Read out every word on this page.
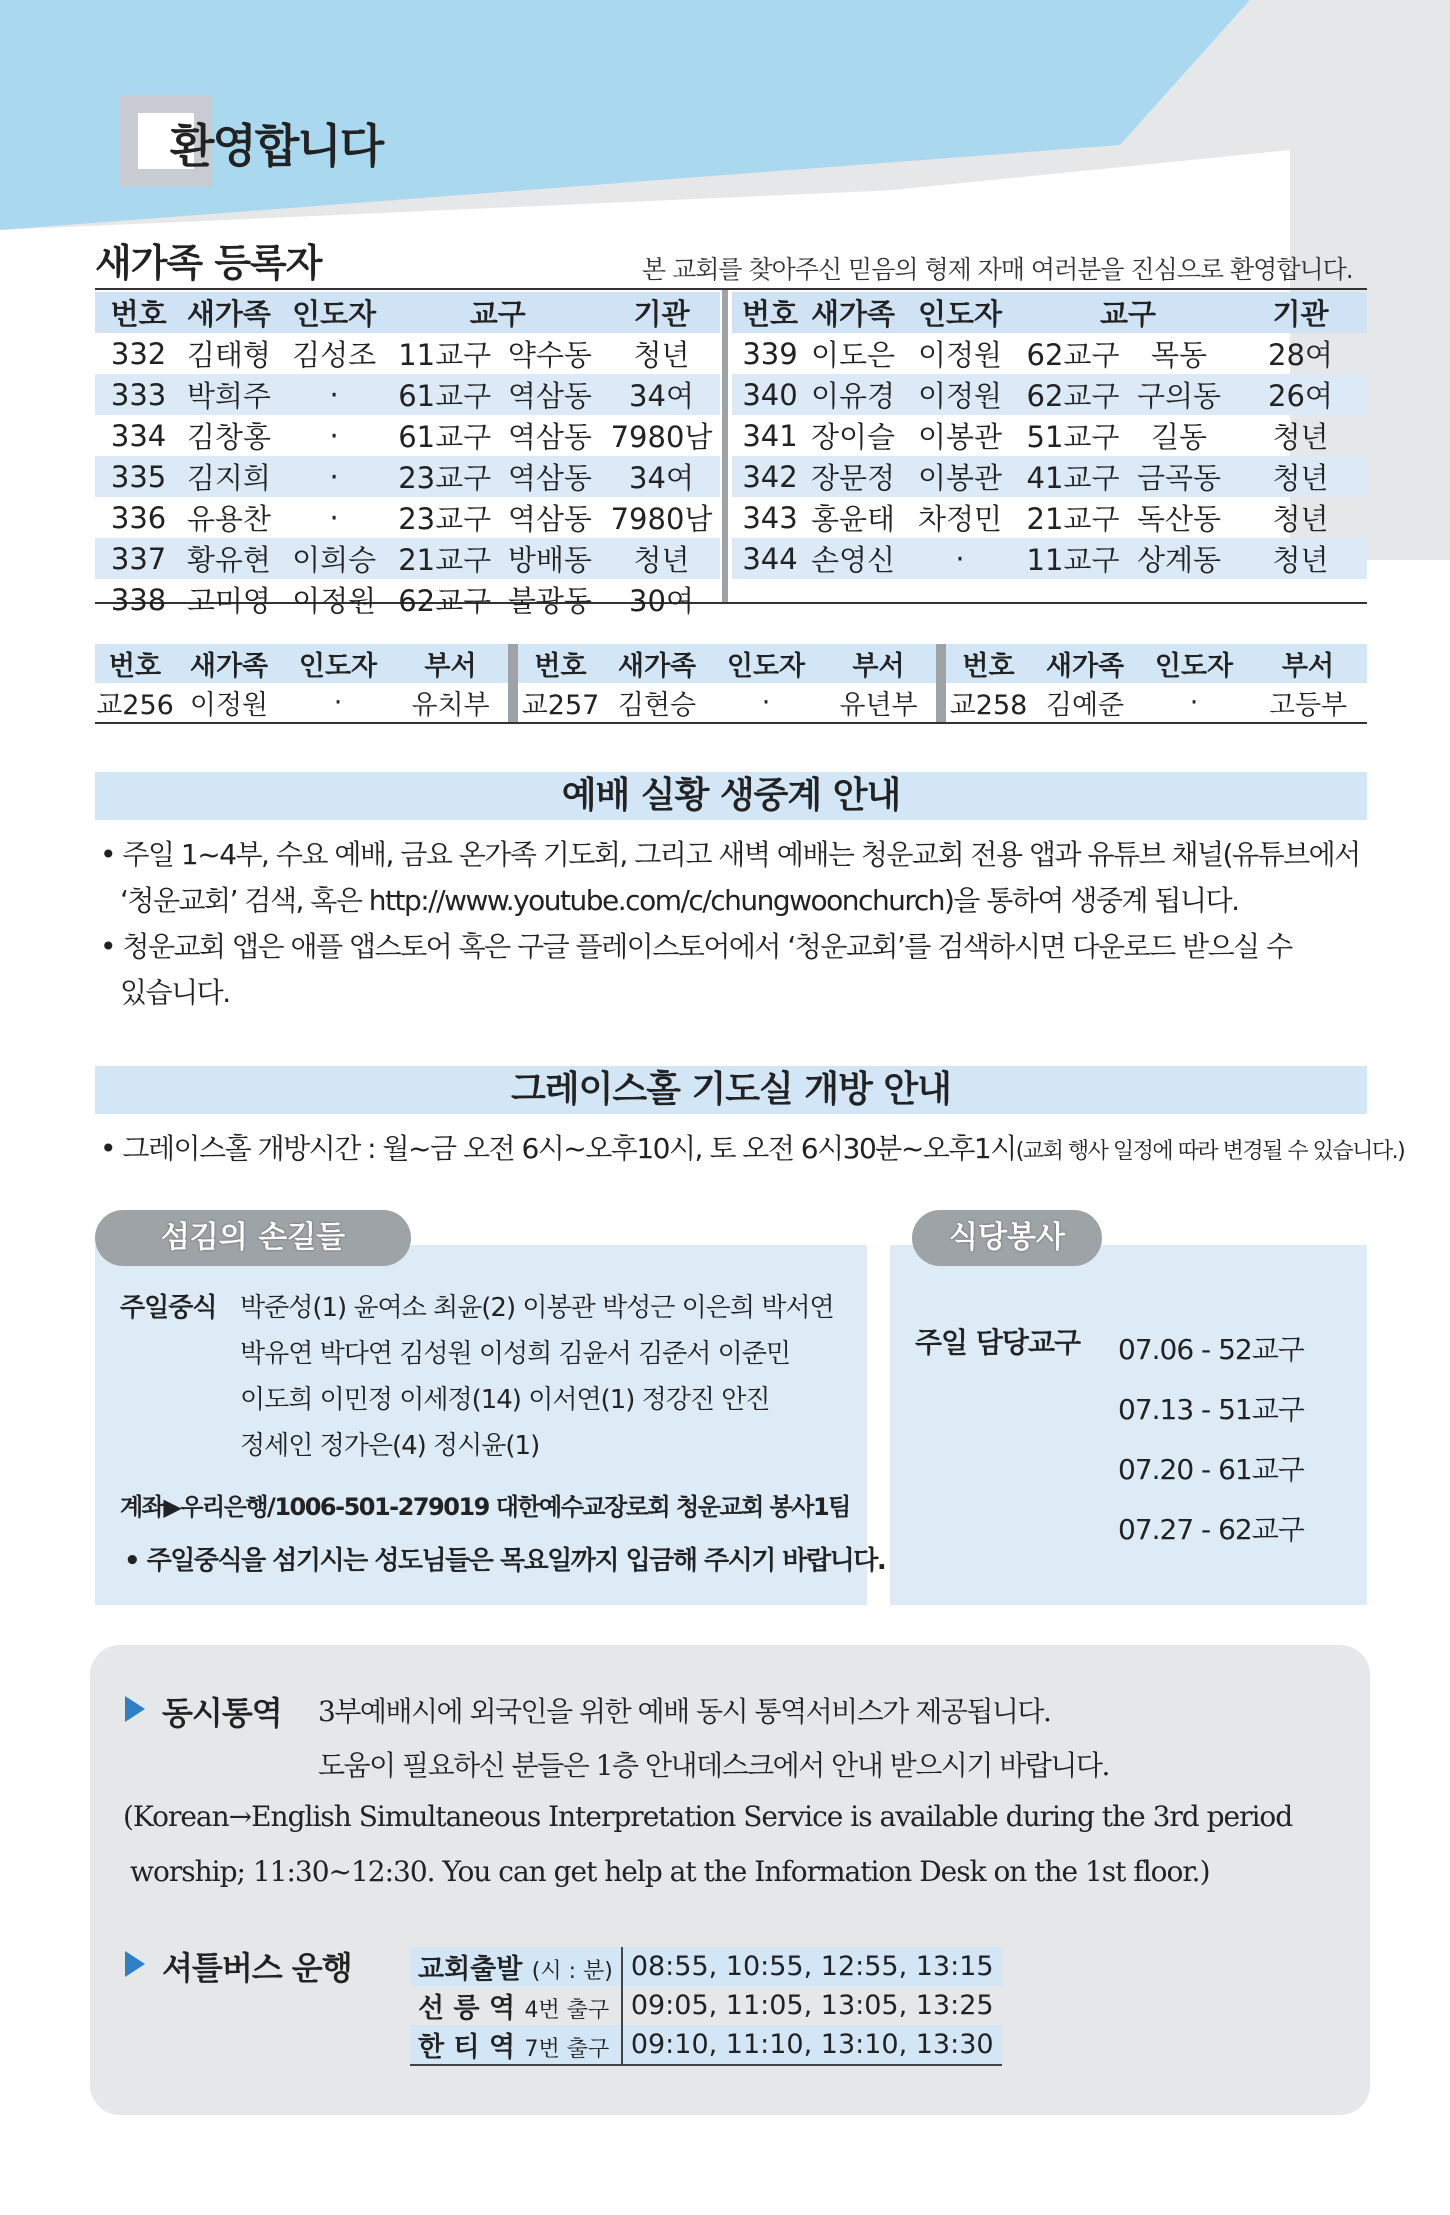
환영합니다
새가족 등록자	본 교회를 찾아주신 믿음의 형제 자매 여러분을 진심으로 환영합니다.
번호	새가족	인도자	교구		기관
332	김태형	김성조	11교구	약수동	청년
333	박희주	·	61교구	역삼동	34여
334	김창홍	·	61교구	역삼동	7980남
335	김지희	·	23교구	역삼동	34여
336	유용찬	·	23교구	역삼동	7980남
337	황유현	이희승	21교구	방배동	청년
338	고미영	이정원	62교구	불광동	30여
번호	새가족	인도자	교구		기관
339	이도은	이정원	62교구	목동	28여
340	이유경	이정원	62교구	구의동	26여
341	장이슬	이봉관	51교구	길동	청년
342	장문정	이봉관	41교구	금곡동	청년
343	홍윤태	차정민	21교구	독산동	청년
344	손영신	·	11교구	상계동	청년

번호	새가족	인도자	부서		번호	새가족	인도자	부서		번호	새가족	인도자	부서
교256	이정원	·	유치부		교257	김현승	·	유년부		교258	김예준	·	고등부
예배 실황 생중계 안내
• 주일 1~4부, 수요 예배, 금요 온가족 기도회, 그리고 새벽 예배는 청운교회 전용 앱과 유튜브 채널(유튜브에서
‘청운교회’ 검색, 혹은 http://www.youtube.com/c/chungwoonchurch)을 통하여 생중계 됩니다.
• 청운교회 앱은 애플 앱스토어 혹은 구글 플레이스토어에서 ‘청운교회’를 검색하시면 다운로드 받으실 수
있습니다.
그레이스홀 기도실 개방 안내
• 그레이스홀 개방시간 : 월~금 오전 6시~오후10시, 토 오전 6시30분~오후1시(교회 행사 일정에 따라 변경될 수 있습니다.)
섬김의 손길들
주일중식 박준성(1) 윤여소 최윤(2) 이봉관 박성근 이은희 박서연
박유연 박다연 김성원 이성희 김윤서 김준서 이준민
이도희 이민정 이세정(14) 이서연(1) 정강진 안진
정세인 정가은(4) 정시윤(1)
계좌▶우리은행/1006-501-279019 대한예수교장로회 청운교회 봉사1팀
• 주일중식을 섬기시는 성도님들은 목요일까지 입금해 주시기 바랍니다.
식당봉사
주일 담당교구 07.06 - 52교구
07.13 - 51교구
07.20 - 61교구
07.27 - 62교구
동시통역 3부예배시에 외국인을 위한 예배 동시 통역서비스가 제공됩니다.
도움이 필요하신 분들은 1층 안내데스크에서 안내 받으시기 바랍니다.
(Korean→English Simultaneous Interpretation Service is available during the 3rd period
worship; 11:30~12:30. You can get help at the Information Desk on the 1st floor.)
셔틀버스 운행 교회출발 (시 : 분)	08:55, 10:55, 12:55, 13:15
선 릉 역 4번 출구	09:05, 11:05, 13:05, 13:25
한 티 역 7번 출구	09:10, 11:10, 13:10, 13:30
